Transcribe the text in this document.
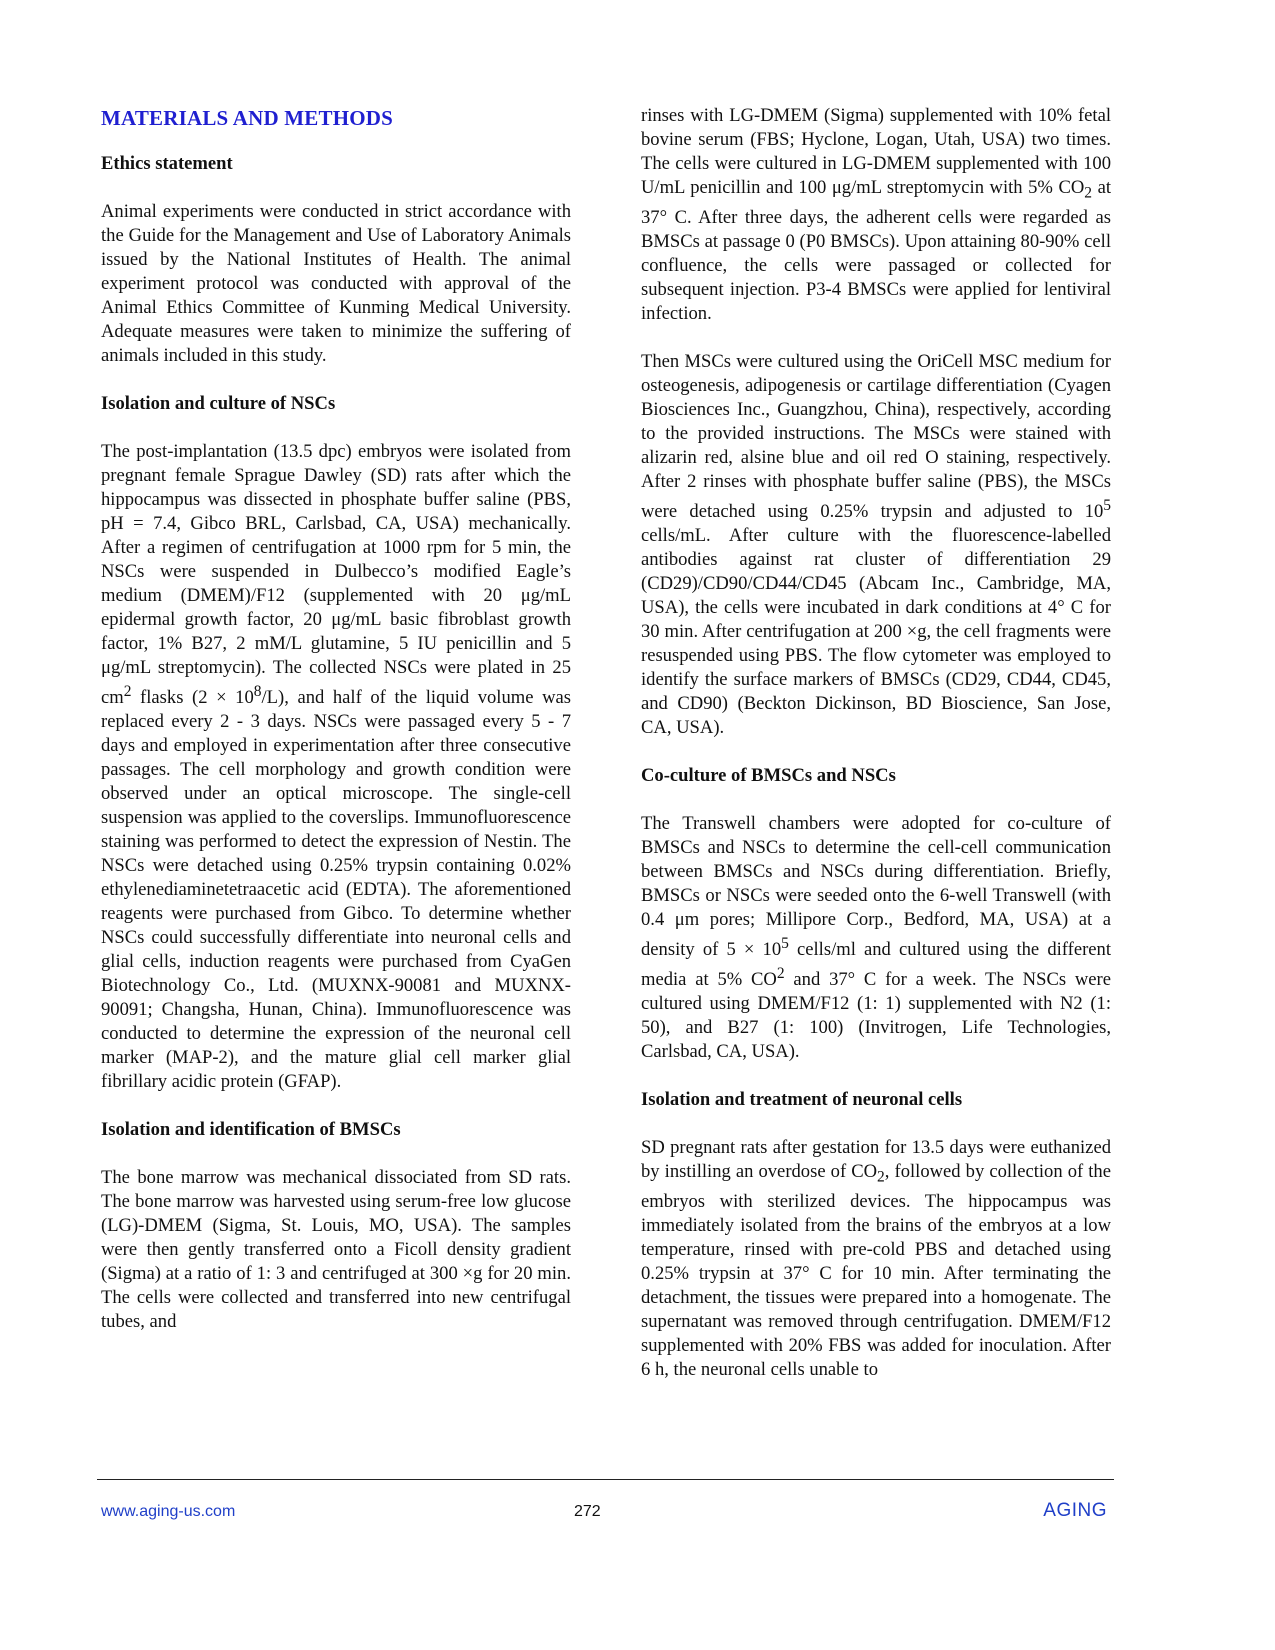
MATERIALS AND METHODS
Ethics statement

Animal experiments were conducted in strict accordance with the Guide for the Management and Use of Laboratory Animals issued by the National Institutes of Health. The animal experiment protocol was conducted with approval of the Animal Ethics Committee of Kunming Medical University. Adequate measures were taken to minimize the suffering of animals included in this study.

Isolation and culture of NSCs

The post-implantation (13.5 dpc) embryos were isolated from pregnant female Sprague Dawley (SD) rats after which the hippocampus was dissected in phosphate buffer saline (PBS, pH = 7.4, Gibco BRL, Carlsbad, CA, USA) mechanically. After a regimen of centrifugation at 1000 rpm for 5 min, the NSCs were suspended in Dulbecco’s modified Eagle’s medium (DMEM)/F12 (supplemented with 20 μg/mL epidermal growth factor, 20 μg/mL basic fibroblast growth factor, 1% B27, 2 mM/L glutamine, 5 IU penicillin and 5 μg/mL streptomycin). The collected NSCs were plated in 25 $cm^2$ flasks $(2 \times 10^8/L)$, and half of the liquid volume was replaced every 2 - 3 days. NSCs were passaged every 5 - 7 days and employed in experimentation after three consecutive passages. The cell morphology and growth condition were observed under an optical microscope. The single-cell suspension was applied to the coverslips. Immunofluorescence staining was performed to detect the expression of Nestin. The NSCs were detached using 0.25% trypsin containing 0.02% ethylenediaminetetraacetic acid (EDTA). The aforementioned reagents were purchased from Gibco. To determine whether NSCs could successfully differentiate into neuronal cells and glial cells, induction reagents were purchased from CyaGen Biotechnology Co., Ltd. (MUXNX-90081 and MUXNX-90091; Changsha, Hunan, China). Immunofluorescence was conducted to determine the expression of the neuronal cell marker (MAP-2), and the mature glial cell marker glial fibrillary acidic protein (GFAP).

Isolation and identification of BMSCs

The bone marrow was mechanical dissociated from SD rats. The bone marrow was harvested using serum-free low glucose (LG)-DMEM (Sigma, St. Louis, MO, USA). The samples were then gently transferred onto a Ficoll density gradient (Sigma) at a ratio of 1: 3 and centrifuged at 300 ×g for 20 min. The cells were collected and transferred into new centrifugal tubes, and

rinses with LG-DMEM (Sigma) supplemented with 10% fetal bovine serum (FBS; Hyclone, Logan, Utah, USA) two times. The cells were cultured in LG-DMEM supplemented with 100 U/mL penicillin and 100 μg/mL streptomycin with 5% $CO_2$ at 37° C. After three days, the adherent cells were regarded as BMSCs at passage 0 (P0 BMSCs). Upon attaining 80-90% cell confluence, the cells were passaged or collected for subsequent injection. P3-4 BMSCs were applied for lentiviral infection.

Then MSCs were cultured using the OriCell MSC medium for osteogenesis, adipogenesis or cartilage differentiation (Cyagen Biosciences Inc., Guangzhou, China), respectively, according to the provided instructions. The MSCs were stained with alizarin red, alsine blue and oil red O staining, respectively. After 2 rinses with phosphate buffer saline (PBS), the MSCs were detached using 0.25% trypsin and adjusted to $10^5$ cells/mL. After culture with the fluorescence-labelled antibodies against rat cluster of differentiation 29 (CD29)/CD90/CD44/CD45 (Abcam Inc., Cambridge, MA, USA), the cells were incubated in dark conditions at 4° C for 30 min. After centrifugation at 200 ×g, the cell fragments were resuspended using PBS. The flow cytometer was employed to identify the surface markers of BMSCs (CD29, CD44, CD45, and CD90) (Beckton Dickinson, BD Bioscience, San Jose, CA, USA).

Co-culture of BMSCs and NSCs

The Transwell chambers were adopted for co-culture of BMSCs and NSCs to determine the cell-cell communication between BMSCs and NSCs during differentiation. Briefly, BMSCs or NSCs were seeded onto the 6-well Transwell (with 0.4 μm pores; Millipore Corp., Bedford, MA, USA) at a density of $5 \times 10^5$ cells/ml and cultured using the different media at 5% $CO^2$ and 37° C for a week. The NSCs were cultured using DMEM/F12 (1: 1) supplemented with N2 (1: 50), and B27 (1: 100) (Invitrogen, Life Technologies, Carlsbad, CA, USA).

Isolation and treatment of neuronal cells

SD pregnant rats after gestation for 13.5 days were euthanized by instilling an overdose of $CO_2$, followed by collection of the embryos with sterilized devices. The hippocampus was immediately isolated from the brains of the embryos at a low temperature, rinsed with pre-cold PBS and detached using 0.25% trypsin at 37° C for 10 min. After terminating the detachment, the tissues were prepared into a homogenate. The supernatant was removed through centrifugation. DMEM/F12 supplemented with 20% FBS was added for inoculation. After 6 h, the neuronal cells unable to

www.aging-us.com	272	AGING
